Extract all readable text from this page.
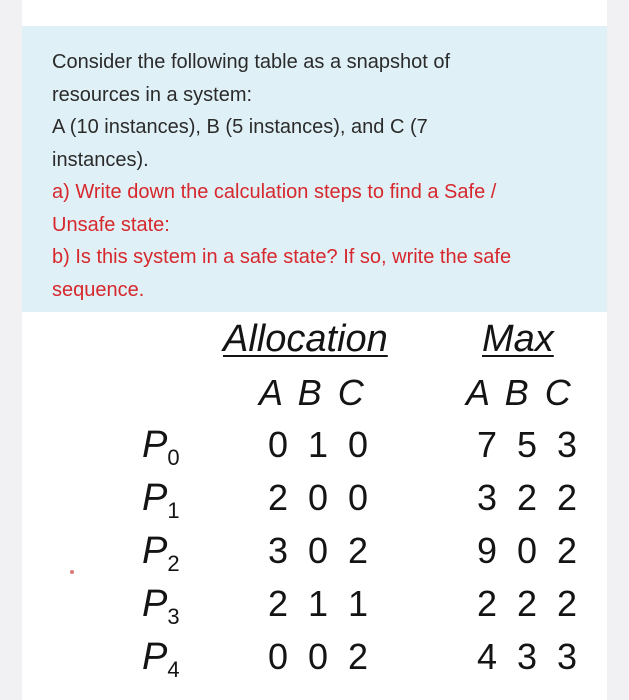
Consider the following table as a snapshot of
resources in a system:
A (10 instances), B (5 instances), and C (7
instances).
a) Write down the calculation steps to find a Safe /
Unsafe state:
b) Is this system in a safe state? If so, write the safe
sequence.
Allocation Max
A B C	A B C
$P_0$ 0 1 0	7 5 3
$P_1$ 2 0 0	3 2 2
$P_2$ 3 0 2	9 0 2
$P_3$ 2 1 1	2 2 2
$P_4$ 0 0 2	4 3 3
